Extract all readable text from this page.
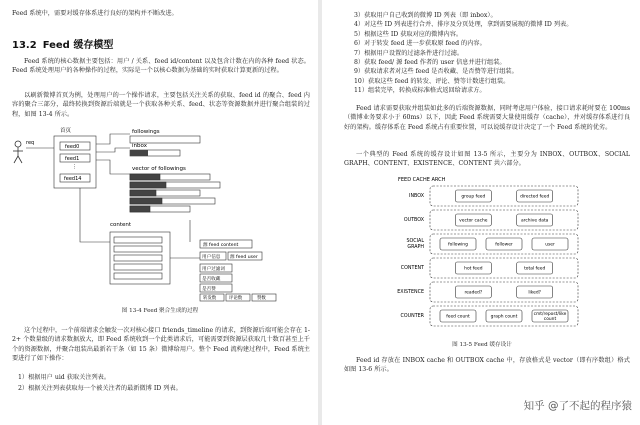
Feed 系统中，需要对缓存体系进行良好的架构并不断改进。

13.2 Feed 缓存模型

Feed 系统的核心数据主要包括：用户 / 关系、feed id/content 以及包含计数在内的各种 feed 状态。Feed 系统处理用户的各种操作的过程，实际是一个以核心数据为基础的实时获取计算更新的过程。

以刷新微博首页为例，处理用户的一个操作请求，主要包括关注关系的获取、feed id 的聚合、feed 内容的聚合三部分，最终转换到资源后端就是一个获取各种关系、feed、状态等资源数据并进行聚合组装的过程，如图 13-4 所示。

req
首页
feed0
feed1
⋮
feed14
followings
inbox
vector of followings
content
源 feed content
用户信息 源 feed user
用户过滤词
是否收藏
是否赞
转发数	评论数	赞数
图 13-4 Feed 聚合生成的过程

这个过程中，一个前端请求会触发一次对核心接口 friends_timeline 的请求，到资源后端可能会存在 1-2+ 个数量级的请求数据放大，即 Feed 系统收到一个此类请求后，可能需要到资源层获取几十数百甚至上千个的资源数据，并聚合组装出最新若干条（如 15 条）微博给用户。整个 Feed 流构建过程中，Feed 系统主要进行了如下操作：

1）根据用户 uid 获取关注列表。
2）根据关注列表获取每一个被关注者的最新微博 ID 列表。
3）获取用户自己收到的微博 ID 列表（即 inbox）。
4）对这些 ID 列表进行合并、排序及分页处理，拿到需要展现的微博 ID 列表。
5）根据这些 ID 获取对应的微博内容。
6）对于转发 feed 进一步获取原 feed 的内容。
7）根据用户设置的过滤条件进行过滤。
8）获取 feed/ 源 feed 作者的 user 信息并进行组装。
9）获取请求者对这些 feed 是否收藏、是否赞等进行组装。
10）获取这些 feed 的转发、评论、赞等计数进行组装。
11）组装完毕，转换成标准格式返回给请求方。

Feed 请求需要获取并组装如此多的后端资源数据，同时考虑用户体验，接口请求耗时要在 100ms（微博业务要求小于 60ms）以下，因此 Feed 系统需要大量使用缓存（cache），并对缓存体系进行良好的架构。缓存体系在 Feed 系统占有重要位置，可以说缓存设计决定了一个 Feed 系统的优劣。

一个典型的 Feed 系统的缓存设计如图 13-5 所示，主要分为 INBOX、OUTBOX、SOCIAL GRAPH、CONTENT、EXISTENCE、CONTENT 共六部分。

FEED CACHE ARCH
INBOX	group feed	directed feed
OUTBOX	vector cache	archive data
SOCIAL
GRAPH	following	follower	user
CONTENT	hot feed	total feed
EXISTENCE	readed?	liked?
COUNTER	feed count	graph count	cmt/repost/like
count
图 13-5 Feed 缓存设计

Feed id 存放在 INBOX cache 和 OUTBOX cache 中，存放格式是 vector（即有序数组）格式如图 13-6 所示。

知乎 @了不起的程序猿
